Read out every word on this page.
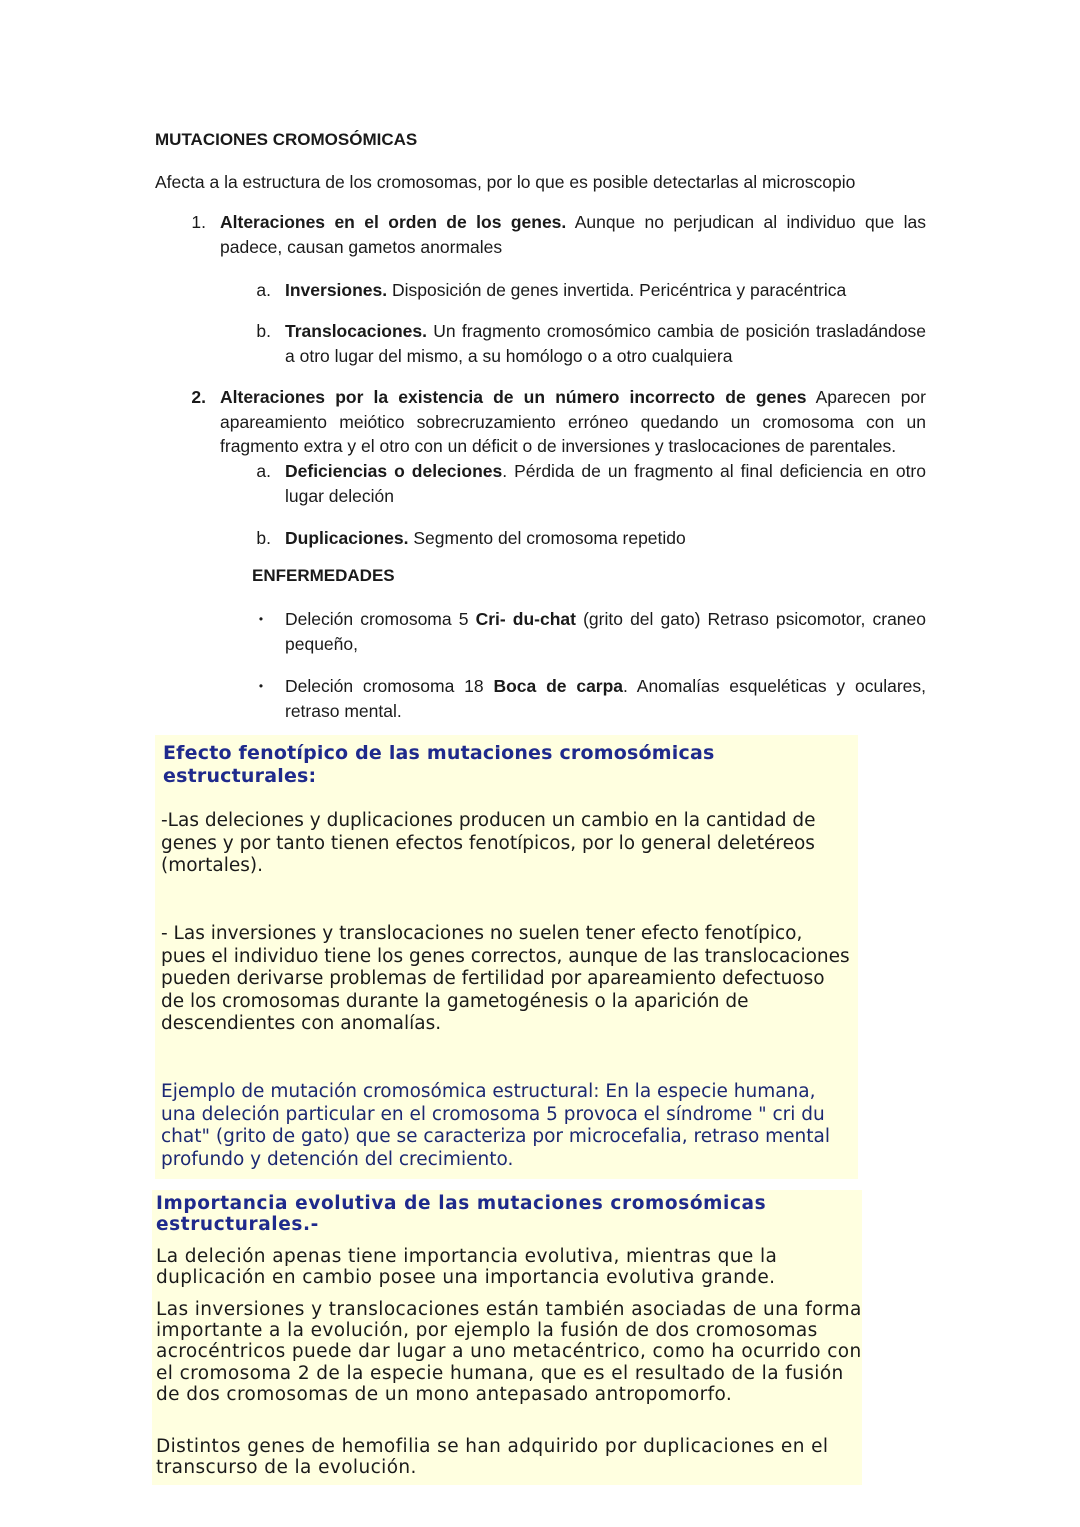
MUTACIONES CROMOSÓMICAS
Afecta a la estructura de los cromosomas, por lo que es posible detectarlas al microscopio
1. Alteraciones en el orden de los genes. Aunque no perjudican al individuo que las padece, causan gametos anormales
a. Inversiones. Disposición de genes invertida. Pericéntrica y paracéntrica
b. Translocaciones. Un fragmento cromosómico cambia de posición trasladándose a otro lugar del mismo, a su homólogo o a otro cualquiera
2. Alteraciones por la existencia de un número incorrecto de genes Aparecen por apareamiento meiótico sobrecruzamiento erróneo quedando un cromosoma con un fragmento extra y el otro con un déficit o de inversiones y traslocaciones de parentales.
a. Deficiencias o deleciones. Pérdida de un fragmento al final deficiencia en otro lugar deleción
b. Duplicaciones. Segmento del cromosoma repetido
ENFERMEDADES
•	Deleción cromosoma 5 Cri- du-chat (grito del gato) Retraso psicomotor, craneo pequeño,
•	Deleción cromosoma 18 Boca de carpa. Anomalías esqueléticas y oculares, retraso mental.
Efecto fenotípico de las mutaciones cromosómicas estructurales:
-Las deleciones y duplicaciones producen un cambio en la cantidad de genes y por tanto tienen efectos fenotípicos, por lo general deletéreos (mortales).
- Las inversiones y translocaciones no suelen tener efecto fenotípico, pues el individuo tiene los genes correctos, aunque de las translocaciones pueden derivarse problemas de fertilidad por apareamiento defectuoso de los cromosomas durante la gametogénesis o la aparición de descendientes con anomalías.
Ejemplo de mutación cromosómica estructural: En la especie humana, una deleción particular en el cromosoma 5 provoca el síndrome " cri du chat" (grito de gato) que se caracteriza por microcefalia, retraso mental profundo y detención del crecimiento.
Importancia evolutiva de las mutaciones cromosómicas estructurales.-
La deleción apenas tiene importancia evolutiva, mientras que la duplicación en cambio posee una importancia evolutiva grande.
Las inversiones y translocaciones están también asociadas de una forma importante a la evolución, por ejemplo la fusión de dos cromosomas acrocéntricos puede dar lugar a uno metacéntrico, como ha ocurrido con el cromosoma 2 de la especie humana, que es el resultado de la fusión de dos cromosomas de un mono antepasado antropomorfo.
Distintos genes de hemofilia se han adquirido por duplicaciones en el transcurso de la evolución.
